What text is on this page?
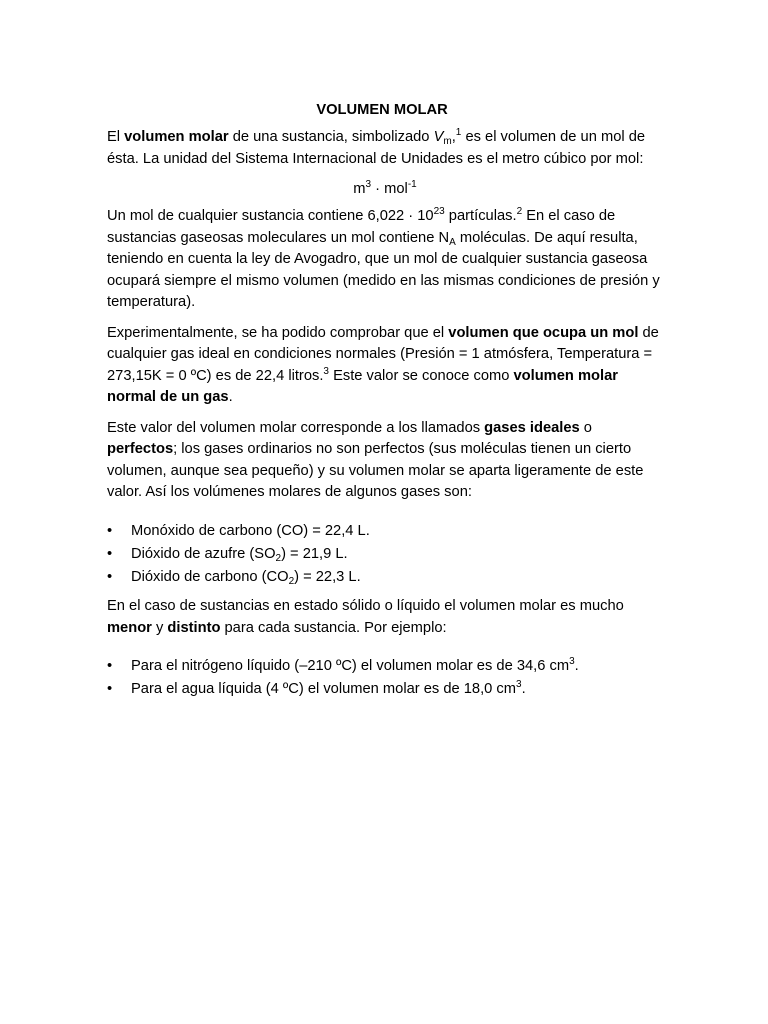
VOLUMEN MOLAR

El volumen molar de una sustancia, simbolizado $V_m,^1$ es el volumen de un mol de ésta. La unidad del Sistema Internacional de Unidades es el metro cúbico por mol:

$m^3 \cdot mol^{-1}$

Un mol de cualquier sustancia contiene $6,022 \cdot 10^{23}$ partículas.$^2$ En el caso de sustancias gaseosas moleculares un mol contiene $N_A$ moléculas. De aquí resulta, teniendo en cuenta la ley de Avogadro, que un mol de cualquier sustancia gaseosa ocupará siempre el mismo volumen (medido en las mismas condiciones de presión y temperatura).

Experimentalmente, se ha podido comprobar que el volumen que ocupa un mol de cualquier gas ideal en condiciones normales (Presión = 1 atmósfera, Temperatura = 273,15K = 0 ºC) es de 22,4 litros.$^3$ Este valor se conoce como volumen molar normal de un gas.

Este valor del volumen molar corresponde a los llamados gases ideales o perfectos; los gases ordinarios no son perfectos (sus moléculas tienen un cierto volumen, aunque sea pequeño) y su volumen molar se aparta ligeramente de este valor. Así los volúmenes molares de algunos gases son:

• Monóxido de carbono (CO) = 22,4 L.
• Dióxido de azufre $(SO_2) = 21,9$ L.
• Dióxido de carbono $(CO_2) = 22,3$ L.

En el caso de sustancias en estado sólido o líquido el volumen molar es mucho menor y distinto para cada sustancia. Por ejemplo:

• Para el nitrógeno líquido (–210 ºC) el volumen molar es de 34,6 $cm^3$.
• Para el agua líquida (4 ºC) el volumen molar es de 18,0 $cm^3$.
